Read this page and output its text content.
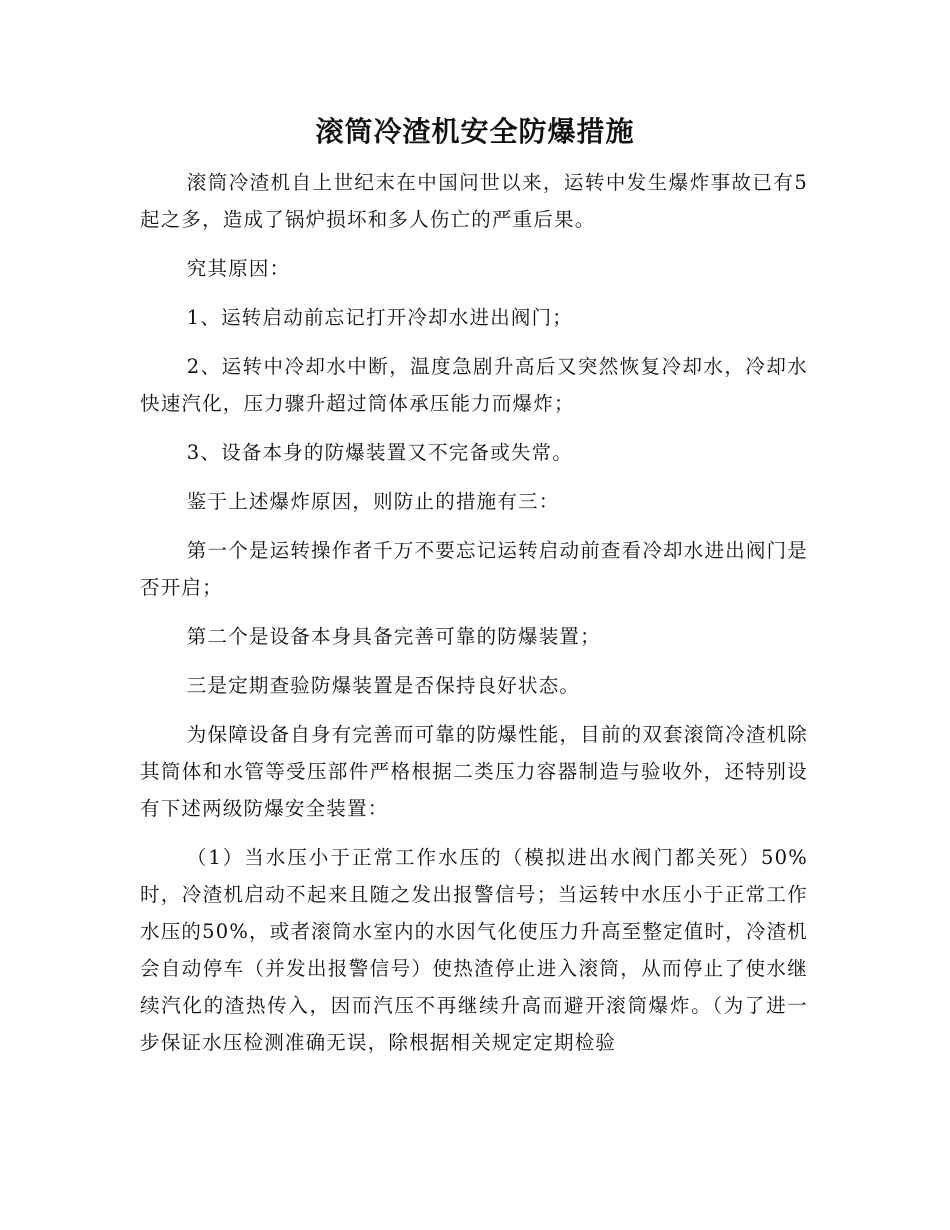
滚筒冷渣机安全防爆措施

滚筒冷渣机自上世纪末在中国问世以来，运转中发生爆炸事故已有5起之多，造成了锅炉损坏和多人伤亡的严重后果。

究其原因：

1、运转启动前忘记打开冷却水进出阀门；

2、运转中冷却水中断，温度急剧升高后又突然恢复冷却水，冷却水快速汽化，压力骤升超过筒体承压能力而爆炸；

3、设备本身的防爆装置又不完备或失常。

鉴于上述爆炸原因，则防止的措施有三：

第一个是运转操作者千万不要忘记运转启动前查看冷却水进出阀门是否开启；

第二个是设备本身具备完善可靠的防爆装置；

三是定期查验防爆装置是否保持良好状态。

为保障设备自身有完善而可靠的防爆性能，目前的双套滚筒冷渣机除其筒体和水管等受压部件严格根据二类压力容器制造与验收外，还特别设有下述两级防爆安全装置：

（1）当水压小于正常工作水压的（模拟进出水阀门都关死）50%时，冷渣机启动不起来且随之发出报警信号；当运转中水压小于正常工作水压的50%，或者滚筒水室内的水因气化使压力升高至整定值时，冷渣机会自动停车（并发出报警信号）使热渣停止进入滚筒，从而停止了使水继续汽化的渣热传入，因而汽压不再继续升高而避开滚筒爆炸。（为了进一步保证水压检测准确无误，除根据相关规定定期检验
